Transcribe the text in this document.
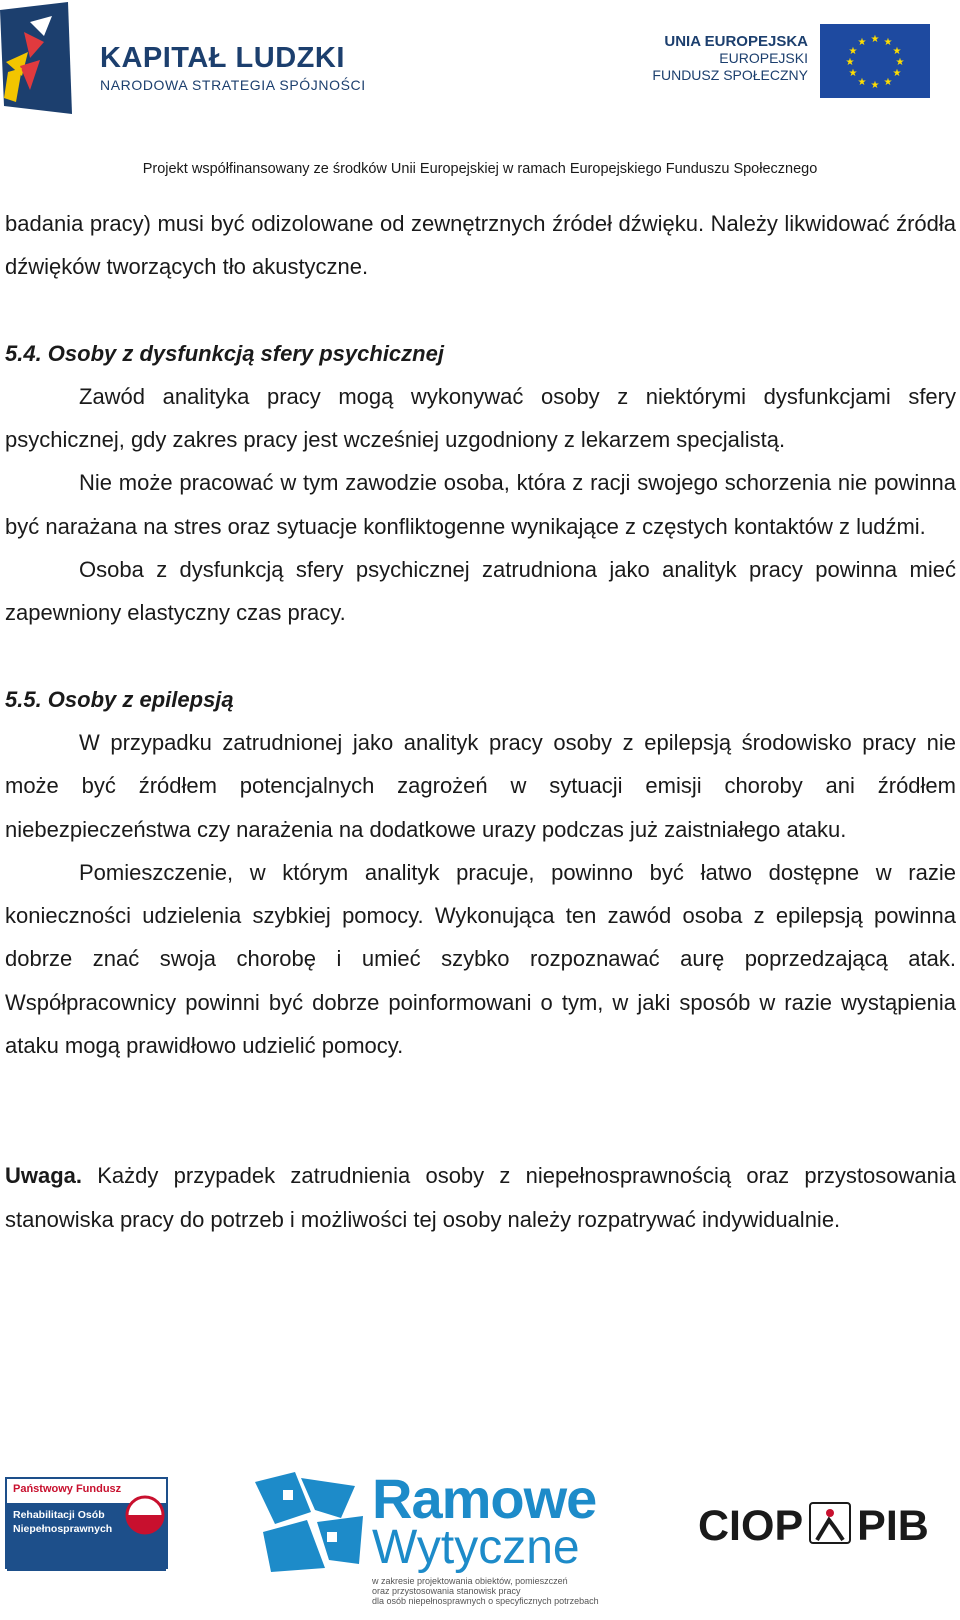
KAPITAŁ LUDZKI
NARODOWA STRATEGIA SPÓJNOŚCI
UNIA EUROPEJSKA
EUROPEJSKI
FUNDUSZ SPOŁECZNY
★ ★
★
★
★
★
★
★
★
★
★
★
Projekt współfinansowany ze środków Unii Europejskiej w ramach Europejskiego Funduszu Społecznego

badania pracy) musi być odizolowane od zewnętrznych źródeł dźwięku. Należy likwidować źródła dźwięków tworzących tło akustyczne.

5.4. Osoby z dysfunkcją sfery psychicznej

Zawód analityka pracy mogą wykonywać osoby z niektórymi dysfunkcjami sfery psychicznej, gdy zakres pracy jest wcześniej uzgodniony z lekarzem specjalistą.

Nie może pracować w tym zawodzie osoba, która z racji swojego schorzenia nie powinna być narażana na stres oraz sytuacje konfliktogenne wynikające z częstych kontaktów z ludźmi.

Osoba z dysfunkcją sfery psychicznej zatrudniona jako analityk pracy powinna mieć zapewniony elastyczny czas pracy.

5.5. Osoby z epilepsją

W przypadku zatrudnionej jako analityk pracy osoby z epilepsją środowisko pracy nie może być źródłem potencjalnych zagrożeń w sytuacji emisji choroby ani źródłem niebezpieczeństwa czy narażenia na dodatkowe urazy podczas już zaistniałego ataku.

Pomieszczenie, w którym analityk pracuje, powinno być łatwo dostępne w razie konieczności udzielenia szybkiej pomocy. Wykonująca ten zawód osoba z epilepsją powinna dobrze znać swoja chorobę i umieć szybko rozpoznawać aurę poprzedzającą atak. Współpracownicy powinni być dobrze poinformowani o tym, w jaki sposób w razie wystąpienia ataku mogą prawidłowo udzielić pomocy.

Uwaga. Każdy przypadek zatrudnienia osoby z niepełnosprawnością oraz przystosowania stanowiska pracy do potrzeb i możliwości tej osoby należy rozpatrywać indywidualnie.

Państwowy Fundusz
Rehabilitacji Osób
Niepełnosprawnych	Ramowe
Wytyczne
w zakresie projektowania obiektów, pomieszczeń
oraz przystosowania stanowisk pracy
dla osób niepełnosprawnych o specyficznych potrzebach
CIOP PIB
